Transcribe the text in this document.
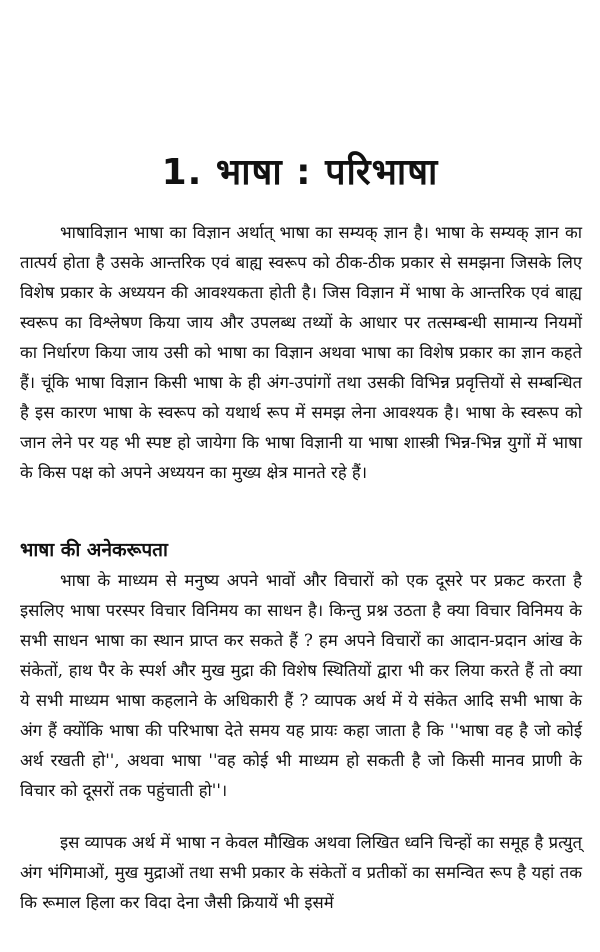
1. भाषा : परिभाषा

भाषाविज्ञान भाषा का विज्ञान अर्थात् भाषा का सम्यक् ज्ञान है। भाषा के सम्यक् ज्ञान का तात्पर्य होता है उसके आन्तरिक एवं बाह्य स्वरूप को ठीक-ठीक प्रकार से समझना जिसके लिए विशेष प्रकार के अध्ययन की आवश्यकता होती है। जिस विज्ञान में भाषा के आन्तरिक एवं बाह्य स्वरूप का विश्लेषण किया जाय और उपलब्ध तथ्यों के आधार पर तत्सम्बन्धी सामान्य नियमों का निर्धारण किया जाय उसी को भाषा का विज्ञान अथवा भाषा का विशेष प्रकार का ज्ञान कहते हैं। चूंकि भाषा विज्ञान किसी भाषा के ही अंग-उपांगों तथा उसकी विभिन्न प्रवृत्तियों से सम्बन्धित है इस कारण भाषा के स्वरूप को यथार्थ रूप में समझ लेना आवश्यक है। भाषा के स्वरूप को जान लेने पर यह भी स्पष्ट हो जायेगा कि भाषा विज्ञानी या भाषा शास्त्री भिन्न-भिन्न युगों में भाषा के किस पक्ष को अपने अध्ययन का मुख्य क्षेत्र मानते रहे हैं।

भाषा की अनेकरूपता

भाषा के माध्यम से मनुष्य अपने भावों और विचारों को एक दूसरे पर प्रकट करता है इसलिए भाषा परस्पर विचार विनिमय का साधन है। किन्तु प्रश्न उठता है क्या विचार विनिमय के सभी साधन भाषा का स्थान प्राप्त कर सकते हैं ? हम अपने विचारों का आदान-प्रदान आंख के संकेतों, हाथ पैर के स्पर्श और मुख मुद्रा की विशेष स्थितियों द्वारा भी कर लिया करते हैं तो क्या ये सभी माध्यम भाषा कहलाने के अधिकारी हैं ? व्यापक अर्थ में ये संकेत आदि सभी भाषा के अंग हैं क्योंकि भाषा की परिभाषा देते समय यह प्रायः कहा जाता है कि ''भाषा वह है जो कोई अर्थ रखती हो'', अथवा भाषा ''वह कोई भी माध्यम हो सकती है जो किसी मानव प्राणी के विचार को दूसरों तक पहुंचाती हो''।

इस व्यापक अर्थ में भाषा न केवल मौखिक अथवा लिखित ध्वनि चिन्हों का समूह है प्रत्युत् अंग भंगिमाओं, मुख मुद्राओं तथा सभी प्रकार के संकेतों व प्रतीकों का समन्वित रूप है यहां तक कि रूमाल हिला कर विदा देना जैसी क्रियायें भी इसमें
